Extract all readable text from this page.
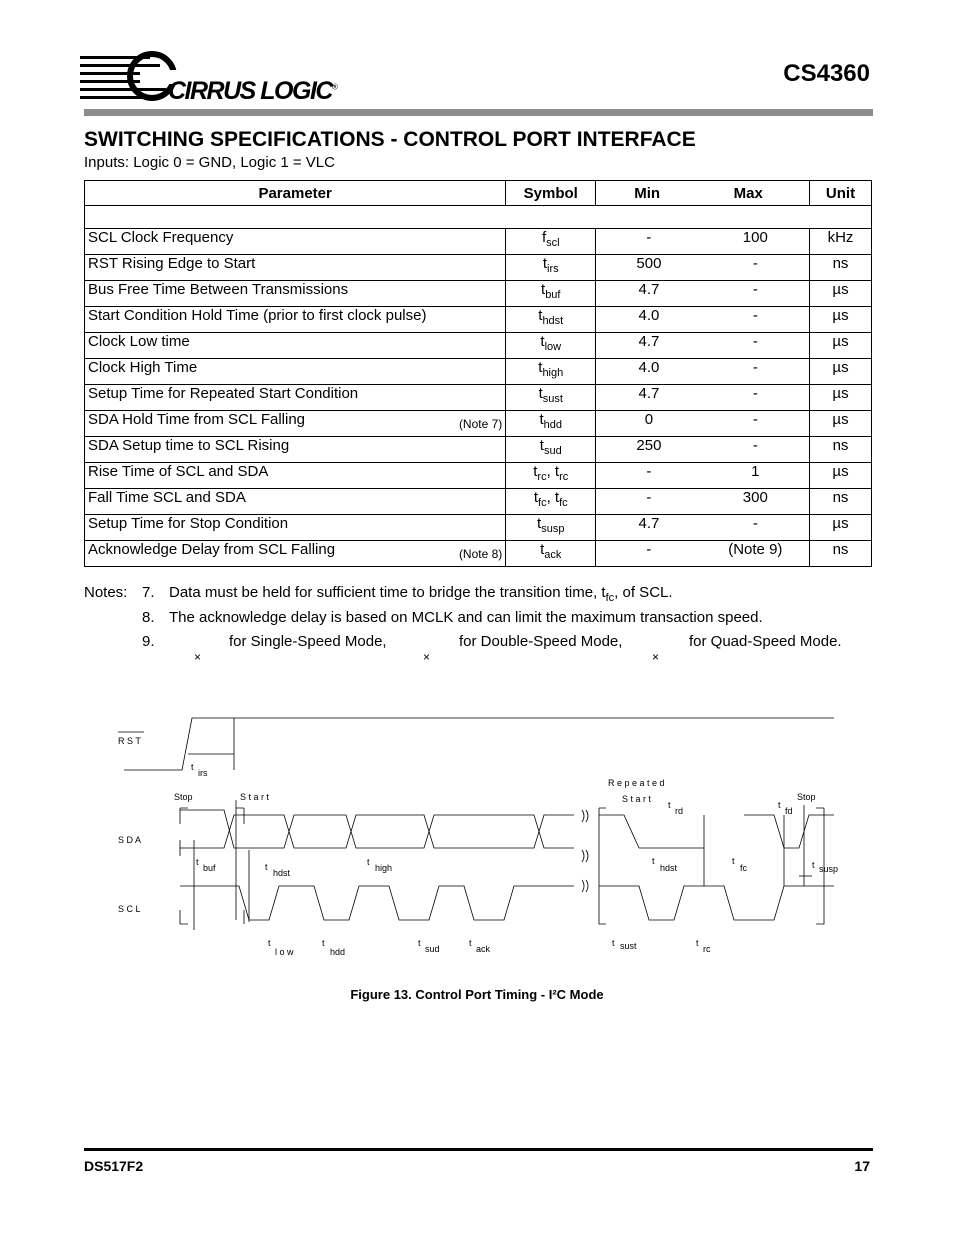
CIRRUS LOGIC®
CS4360
SWITCHING SPECIFICATIONS - CONTROL PORT INTERFACE
Inputs: Logic 0 = GND, Logic 1 = VLC
Parameter	Symbol	Min	Max	Unit

SCL Clock Frequency	$f_{scl}$	-	100	kHz
$\overline{RST}$ Rising Edge to Start	$t_{irs}$	500	-	ns
Bus Free Time Between Transmissions	$t_{buf}$	4.7	-	µs
Start Condition Hold Time (prior to first clock pulse)	$t_{hdst}$	4.0	-	µs
Clock Low time	$t_{low}$	4.7	-	µs
Clock High Time	$t_{high}$	4.0	-	µs
Setup Time for Repeated Start Condition	$t_{sust}$	4.7	-	µs
SDA Hold Time from SCL Falling (Note 7)	$t_{hdd}$	0	-	µs
SDA Setup time to SCL Rising	$t_{sud}$	250	-	ns
Rise Time of SCL and SDA	$t_{rc}$, $t_{rc}$	-	1	µs
Fall Time SCL and SDA	$t_{fc}$, $t_{fc}$	-	300	ns
Setup Time for Stop Condition	$t_{susp}$	4.7	-	µs
Acknowledge Delay from SCL Falling (Note 8)	$t_{ack}$	-	(Note 9)	ns
Notes: 7. Data must be held for sufficient time to bridge the transition time, $t_{fc}$, of SCL.
8. The acknowledge delay is based on MCLK and can limit the maximum transaction speed.
9.	for Single-Speed Mode,	for Double-Speed Mode,	for Quad-Speed Mode.
×	×	×
R S T
S D A
S C L
Stop	S t a r t
R e p e a t e d
S t a r t	Stop
t
irs
t
buf	t
hdst
t
high
t
l o w
t
hdd
t
sud
t
ack
t sust	t
rc
t
rd
t
fd
t
hdst
t
fc	t susp
Figure 13. Control Port Timing - I²C Mode
DS517F2	17
